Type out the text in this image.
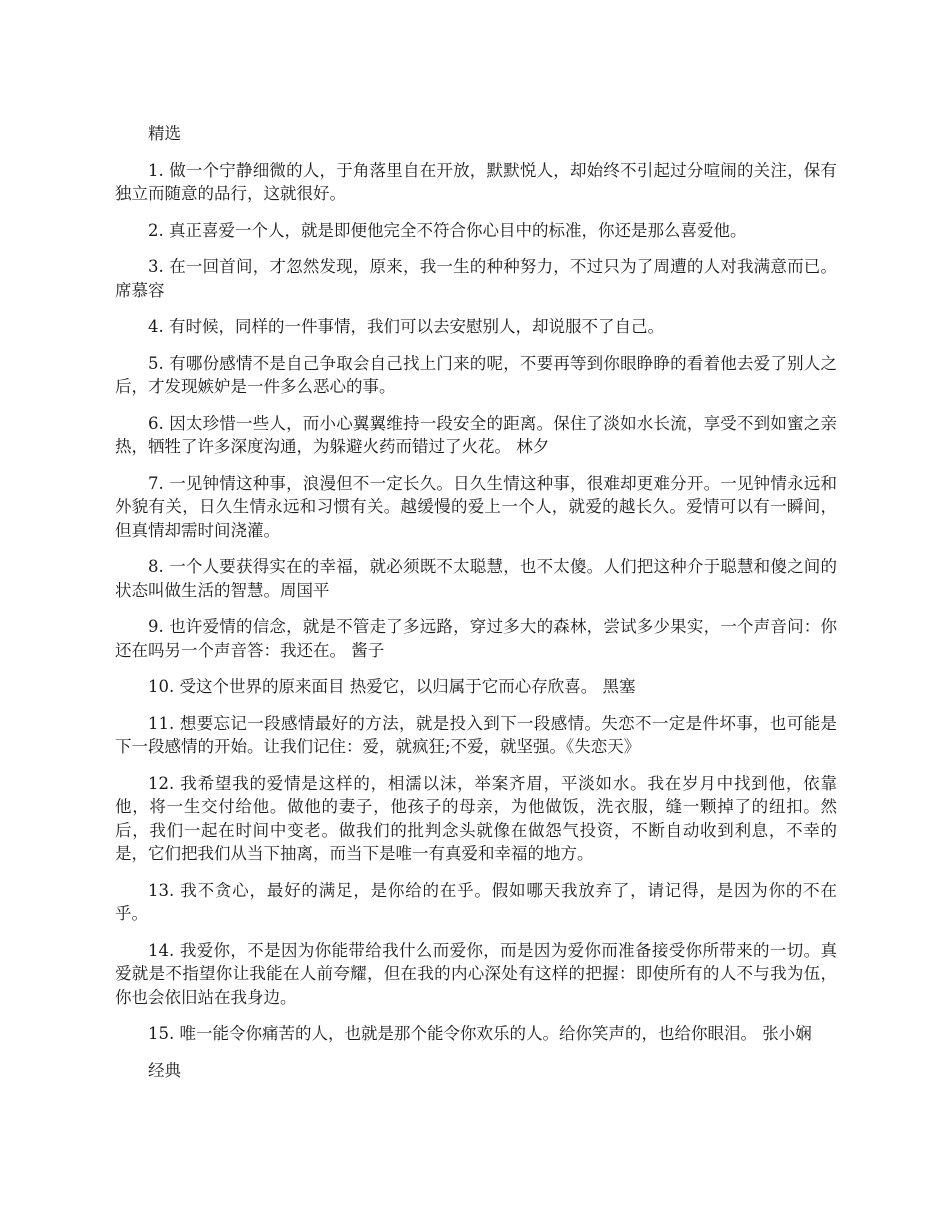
精选

1. 做一个宁静细微的人，于角落里自在开放，默默悦人，却始终不引起过分喧闹的关注，保有独立而随意的品行，这就很好。

2. 真正喜爱一个人，就是即便他完全不符合你心目中的标准，你还是那么喜爱他。

3. 在一回首间，才忽然发现，原来，我一生的种种努力，不过只为了周遭的人对我满意而已。 席慕容

4. 有时候，同样的一件事情，我们可以去安慰别人，却说服不了自己。

5. 有哪份感情不是自己争取会自己找上门来的呢，不要再等到你眼睁睁的看着他去爱了别人之后，才发现嫉妒是一件多么恶心的事。

6. 因太珍惜一些人，而小心翼翼维持一段安全的距离。保住了淡如水长流，享受不到如蜜之亲热，牺牲了许多深度沟通，为躲避火药而错过了火花。 林夕

7. 一见钟情这种事，浪漫但不一定长久。日久生情这种事，很难却更难分开。一见钟情永远和外貌有关，日久生情永远和习惯有关。越缓慢的爱上一个人，就爱的越长久。爱情可以有一瞬间，但真情却需时间浇灌。

8. 一个人要获得实在的幸福，就必须既不太聪慧，也不太傻。人们把这种介于聪慧和傻之间的状态叫做生活的智慧。周国平

9. 也许爱情的信念，就是不管走了多远路，穿过多大的森林，尝试多少果实，一个声音问：你还在吗另一个声音答：我还在。 酱子

10. 受这个世界的原来面目 热爱它，以归属于它而心存欣喜。 黑塞

11. 想要忘记一段感情最好的方法，就是投入到下一段感情。失恋不一定是件坏事，也可能是下一段感情的开始。让我们记住：爱，就疯狂;不爱，就坚强。《失恋天》

12. 我希望我的爱情是这样的，相濡以沫，举案齐眉，平淡如水。我在岁月中找到他，依靠他，将一生交付给他。做他的妻子，他孩子的母亲，为他做饭，洗衣服，缝一颗掉了的纽扣。然后，我们一起在时间中变老。做我们的批判念头就像在做怨气投资，不断自动收到利息，不幸的是，它们把我们从当下抽离，而当下是唯一有真爱和幸福的地方。

13. 我不贪心，最好的满足，是你给的在乎。假如哪天我放弃了，请记得，是因为你的不在乎。

14. 我爱你，不是因为你能带给我什么而爱你，而是因为爱你而准备接受你所带来的一切。真爱就是不指望你让我能在人前夸耀，但在我的内心深处有这样的把握：即使所有的人不与我为伍，你也会依旧站在我身边。

15. 唯一能令你痛苦的人，也就是那个能令你欢乐的人。给你笑声的，也给你眼泪。 张小娴

经典
